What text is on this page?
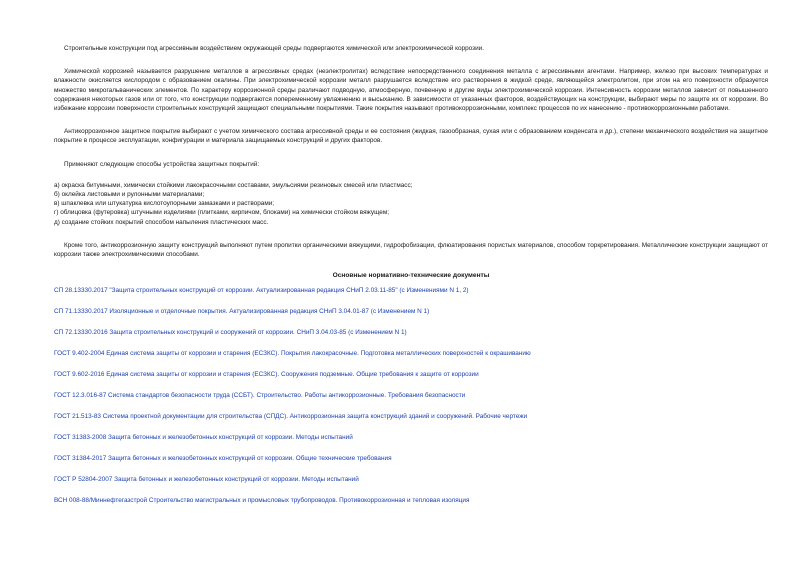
Строительные конструкции под агрессивным воздействием окружающей среды подвергаются химической или электрохимической коррозии.

Химической коррозией называется разрушение металлов в агрессивных средах (неэлектролитах) вследствие непосредственного соединения металла с агрессивными агентами. Например, железо при высоких температурах и влажности окисляется кислородом с образованием окалины. При электрохимической коррозии металл разрушается вследствие его растворения в жидкой среде, являющейся электролитом, при этом на его поверхности образуется множество микрогальванических элементов. По характеру коррозионной среды различают подводную, атмосферную, почвенную и другие виды электрохимической коррозии. Интенсивность коррозии металлов зависит от повышенного содержания некоторых газов или от того, что конструкции подвергаются попеременному увлажнению и высыханию. В зависимости от указанных факторов, воздействующих на конструкции, выбирают меры по защите их от коррозии. Во избежание коррозии поверхности строительных конструкций защищают специальными покрытиями. Такие покрытия называют противокоррозионными, комплекс процессов по их нанесению - противокоррозионными работами.

Антикоррозионное защитное покрытие выбирают с учетом химического состава агрессивной среды и ее состояния (жидкая, газообразная, сухая или с образованием конденсата и др.), степени механического воздействия на защитное покрытие в процессе эксплуатации, конфигурации и материала защищаемых конструкций и других факторов.

Применяют следующие способы устройства защитных покрытий:

а) окраска битумными, химически стойкими лакокрасочными составами, эмульсиями резиновых смесей или пластмасс;
б) оклейка листовыми и рулонными материалами;
в) шпаклевка или штукатурка кислотоупорными замазками и растворами;
г) облицовка (футеровка) штучными изделиями (плитками, кирпичом, блоками) на химически стойком вяжущем;
д) создание стойких покрытий способом напыления пластических масс.

Кроме того, антикоррозионную защиту конструкций выполняют путем пропитки органическими вяжущими, гидрофобизации, флюатирования пористых материалов, способом торкретирования. Металлические конструкции защищают от коррозии также электрохимическими способами.

Основные нормативно-технические документы
СП 28.13330.2017 "Защита строительных конструкций от коррозии. Актуализированная редакция СНиП 2.03.11-85" (с Изменениями N 1, 2)
СП 71.13330.2017 Изоляционные и отделочные покрытия. Актуализированная редакция СНиП 3.04.01-87 (с Изменением N 1)
СП 72.13330.2016 Защита строительных конструкций и сооружений от коррозии. СНиП 3.04.03-85 (с Изменением N 1)
ГОСТ 9.402-2004 Единая система защиты от коррозии и старения (ЕСЗКС). Покрытия лакокрасочные. Подготовка металлических поверхностей к окрашиванию
ГОСТ 9.602-2016 Единая система защиты от коррозии и старения (ЕСЗКС). Сооружения подземные. Общие требования к защите от коррозии
ГОСТ 12.3.016-87 Система стандартов безопасности труда (ССБТ). Строительство. Работы антикоррозионные. Требования безопасности
ГОСТ 21.513-83 Система проектной документации для строительства (СПДС). Антикоррозионная защита конструкций зданий и сооружений. Рабочие чертежи
ГОСТ 31383-2008 Защита бетонных и железобетонных конструкций от коррозии. Методы испытаний
ГОСТ 31384-2017 Защита бетонных и железобетонных конструкций от коррозии. Общие технические требования
ГОСТ Р 52804-2007 Защита бетонных и железобетонных конструкций от коррозии. Методы испытаний
ВСН 008-88/Миннефтегазстрой Строительство магистральных и промысловых трубопроводов. Противокоррозионная и тепловая изоляция
